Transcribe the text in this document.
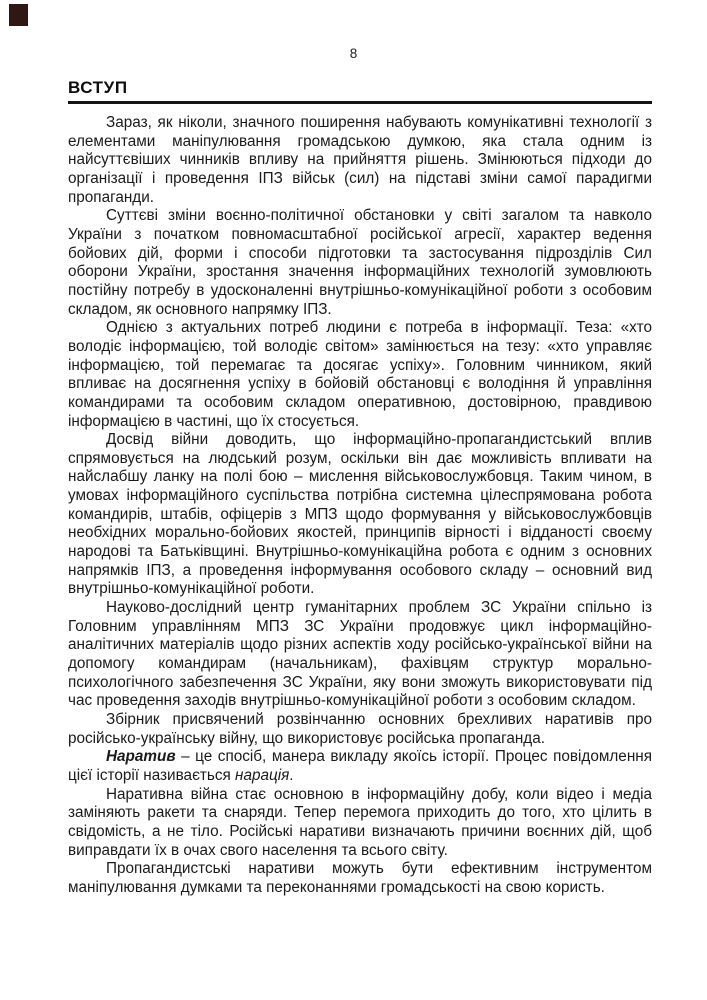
8
ВСТУП

Зараз, як ніколи, значного поширення набувають комунікативні технології з елементами маніпулювання громадською думкою, яка стала одним із найсуттєвіших чинників впливу на прийняття рішень. Змінюються підходи до організації і проведення ІПЗ військ (сил) на підставі зміни самої парадигми пропаганди.

Суттєві зміни воєнно-політичної обстановки у світі загалом та навколо України з початком повномасштабної російської агресії, характер ведення бойових дій, форми і способи підготовки та застосування підрозділів Сил оборони України, зростання значення інформаційних технологій зумовлюють постійну потребу в удосконаленні внутрішньо-комунікаційної роботи з особовим складом, як основного напрямку ІПЗ.

Однією з актуальних потреб людини є потреба в інформації. Теза: «хто володіє інформацією, той володіє світом» замінюється на тезу: «хто управляє інформацією, той перемагає та досягає успіху». Головним чинником, який впливає на досягнення успіху в бойовій обстановці є володіння й управління командирами та особовим складом оперативною, достовірною, правдивою інформацією в частині, що їх стосується.

Досвід війни доводить, що інформаційно-пропагандистський вплив спрямовується на людський розум, оскільки він дає можливість впливати на найслабшу ланку на полі бою – мислення військовослужбовця. Таким чином, в умовах інформаційного суспільства потрібна системна цілеспрямована робота командирів, штабів, офіцерів з МПЗ щодо формування у військовослужбовців необхідних морально-бойових якостей, принципів вірності і відданості своєму народові та Батьківщині. Внутрішньо-комунікаційна робота є одним з основних напрямків ІПЗ, а проведення інформування особового складу – основний вид внутрішньо-комунікаційної роботи.

Науково-дослідний центр гуманітарних проблем ЗС України спільно із Головним управлінням МПЗ ЗС України продовжує цикл інформаційно-аналітичних матеріалів щодо різних аспектів ходу російсько-української війни на допомогу командирам (начальникам), фахівцям структур морально-психологічного забезпечення ЗС України, яку вони зможуть використовувати під час проведення заходів внутрішньо-комунікаційної роботи з особовим складом.

Збірник присвячений розвінчанню основних брехливих наративів про російсько-українську війну, що використовує російська пропаганда.

Наратив – це спосіб, манера викладу якоїсь історії. Процес повідомлення цієї історії називається нарація.

Наративна війна стає основною в інформаційну добу, коли відео і медіа заміняють ракети та снаряди. Тепер перемога приходить до того, хто цілить в свідомість, а не тіло. Російські наративи визначають причини воєнних дій, щоб виправдати їх в очах свого населення та всього світу.

Пропагандистські наративи можуть бути ефективним інструментом маніпулювання думками та переконаннями громадськості на свою користь.
